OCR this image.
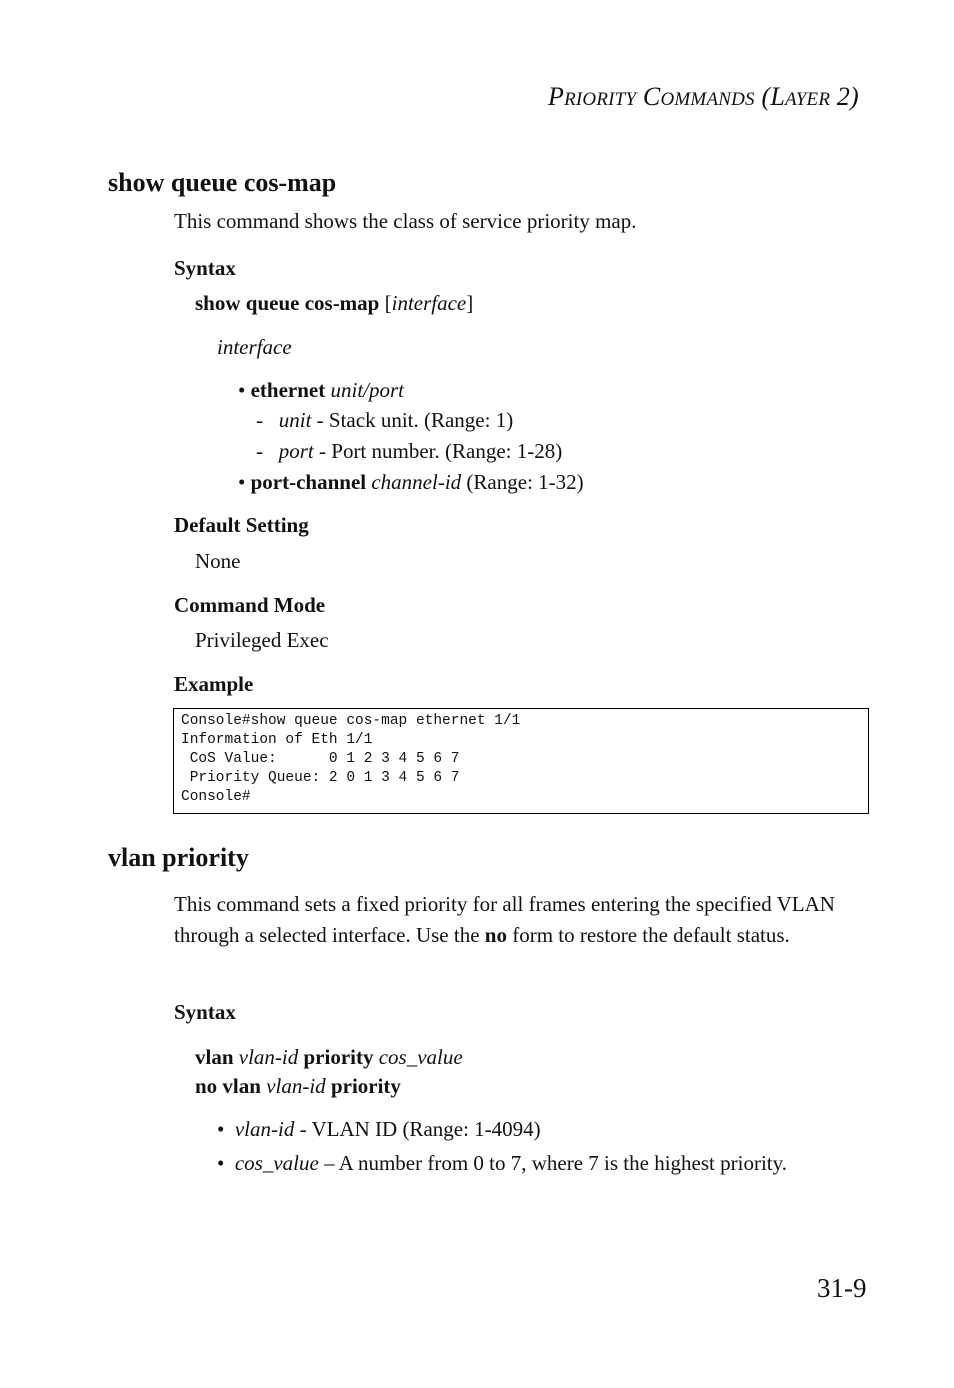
PRIORITY COMMANDS (LAYER 2)
show queue cos-map
This command shows the class of service priority map.
Syntax
show queue cos-map [interface]
interface
• ethernet unit/port
- unit - Stack unit. (Range: 1)
- port - Port number. (Range: 1-28)
• port-channel channel-id (Range: 1-32)
Default Setting
None
Command Mode
Privileged Exec
Example
Console#show queue cos-map ethernet 1/1
Information of Eth 1/1
CoS Value:      0 1 2 3 4 5 6 7
Priority Queue: 2 0 1 3 4 5 6 7
Console#
vlan priority
This command sets a fixed priority for all frames entering the specified VLAN through a selected interface. Use the no form to restore the default status.
Syntax
vlan vlan-id priority cos_value
no vlan vlan-id priority
• vlan-id - VLAN ID (Range: 1-4094)
• cos_value – A number from 0 to 7, where 7 is the highest priority.
31-9
